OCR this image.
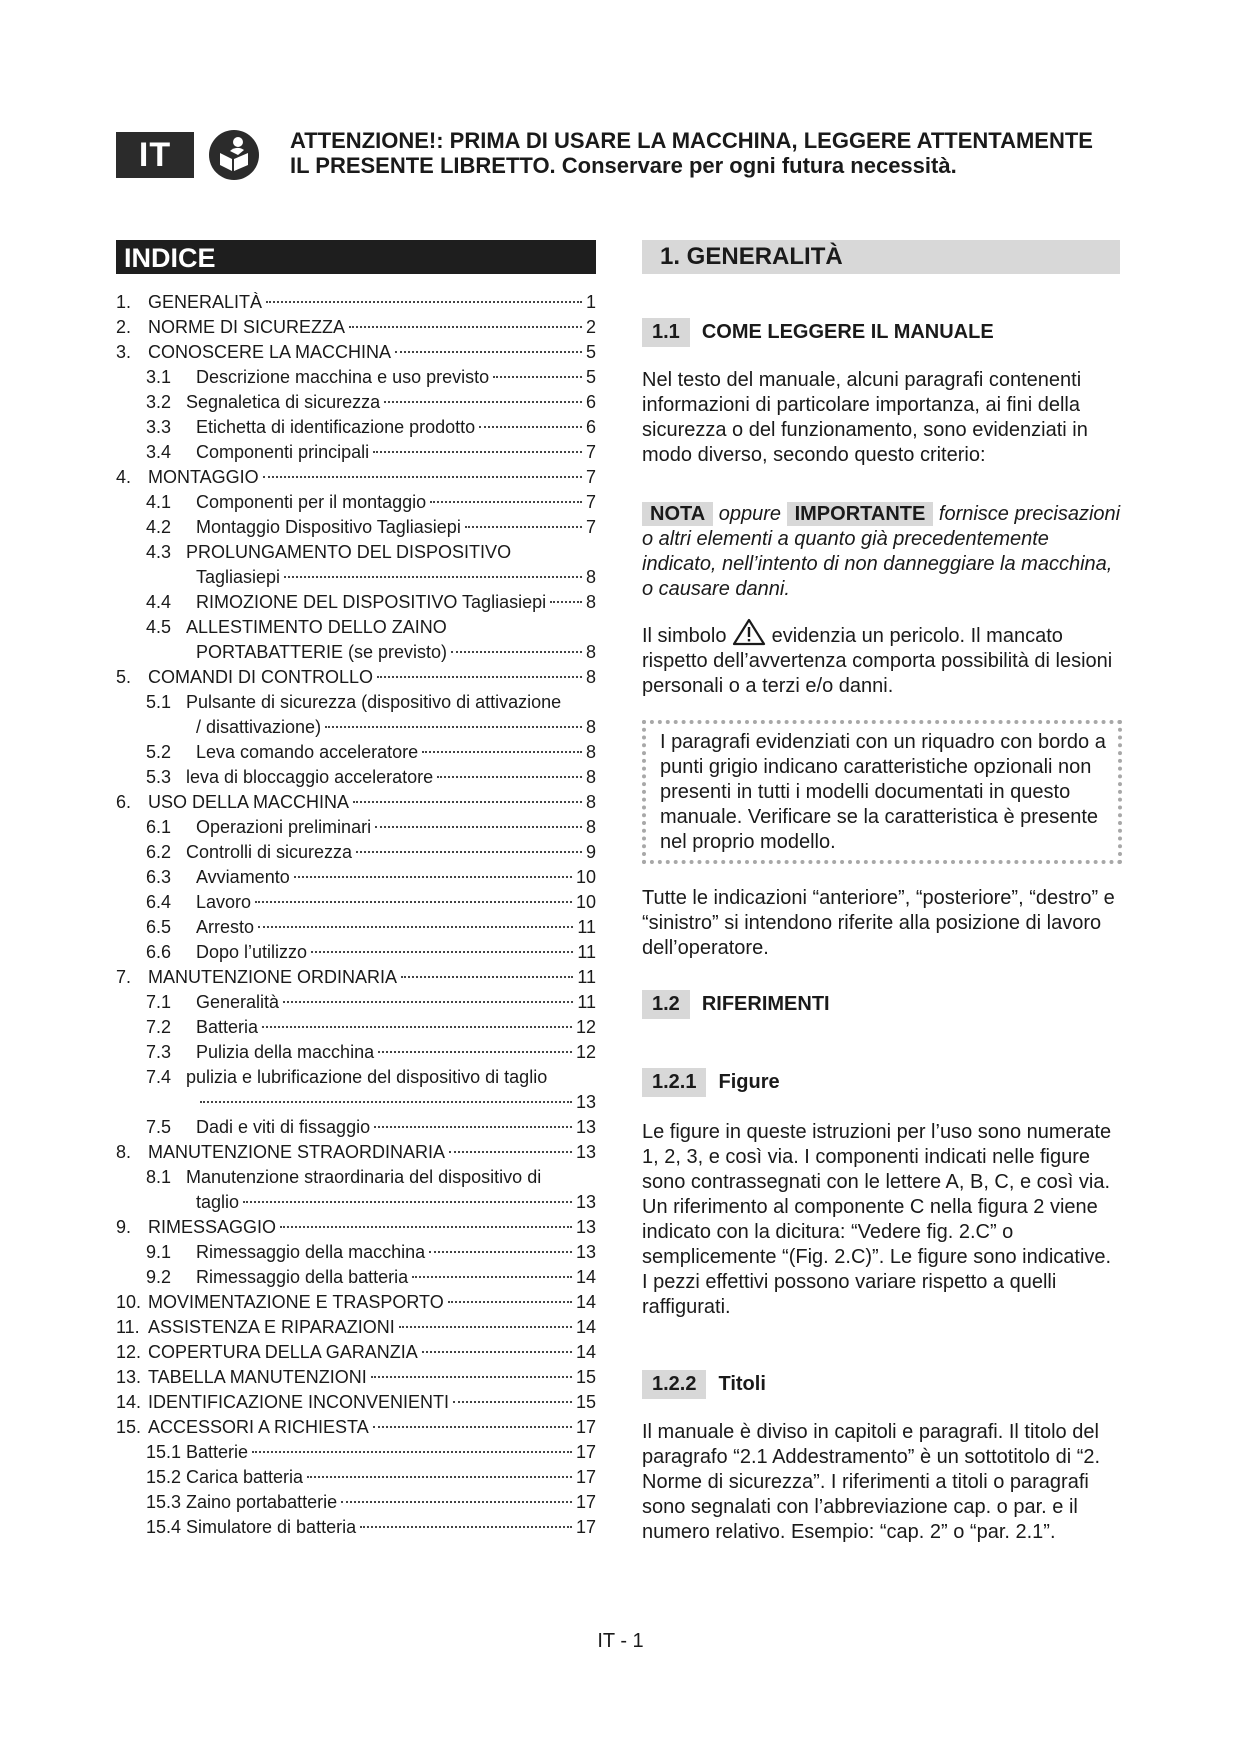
IT	ATTENZIONE!: PRIMA DI USARE LA MACCHINA, LEGGERE ATTENTAMENTE
IL PRESENTE LIBRETTO. Conservare per ogni futura necessità.
INDICE
1. GENERALITÀ	1
2. NORME DI SICUREZZA	2
3. CONOSCERE LA MACCHINA	5
3.1	Descrizione macchina e uso previsto	5
3.2 Segnaletica di sicurezza	6
3.3	Etichetta di identificazione prodotto	6
3.4	Componenti principali	7
4. MONTAGGIO	7
4.1	Componenti per il montaggio	7
4.2	Montaggio Dispositivo Tagliasiepi	7
4.3 PROLUNGAMENTO DEL DISPOSITIVO
Tagliasiepi	8
4.4	RIMOZIONE DEL DISPOSITIVO Tagliasiepi 8
4.5 ALLESTIMENTO DELLO ZAINO
PORTABATTERIE (se previsto)	8
5. COMANDI DI CONTROLLO	8
5.1 Pulsante di sicurezza (dispositivo di attivazione
/ disattivazione)	8
5.2	Leva comando acceleratore	8
5.3 leva di bloccaggio acceleratore	8
6. USO DELLA MACCHINA	8
6.1	Operazioni preliminari	8
6.2 Controlli di sicurezza	9
6.3	Avviamento	10
6.4	Lavoro	10
6.5	Arresto	11
6.6	Dopo l’utilizzo	11
7. MANUTENZIONE ORDINARIA	11
7.1	Generalità	11
7.2	Batteria	12
7.3	Pulizia della macchina	12
7.4 pulizia e lubrificazione del dispositivo di taglio
13
7.5	Dadi e viti di fissaggio	13
8. MANUTENZIONE STRAORDINARIA	13
8.1 Manutenzione straordinaria del dispositivo di
taglio	13
9. RIMESSAGGIO	13
9.1	Rimessaggio della macchina	13
9.2	Rimessaggio della batteria	14
10. MOVIMENTAZIONE E TRASPORTO	14
11. ASSISTENZA E RIPARAZIONI	14
12. COPERTURA DELLA GARANZIA	14
13. TABELLA MANUTENZIONI	15
14. IDENTIFICAZIONE INCONVENIENTI	15
15. ACCESSORI A RICHIESTA	17
15.1 Batterie	17
15.2 Carica batteria	17
15.3 Zaino portabatterie	17
15.4 Simulatore di batteria	17
1. GENERALITÀ
1.1	COME LEGGERE IL MANUALE
Nel testo del manuale, alcuni paragrafi contenenti informazioni di particolare importanza, ai fini della sicurezza o del funzionamento, sono evidenziati in modo diverso, secondo questo criterio:
NOTA oppure IMPORTANTE fornisce precisazioni o altri elementi a quanto già precedentemente indicato, nell’intento di non danneggiare la macchina, o causare danni.
Il simbolo evidenzia un pericolo. Il mancato rispetto dell’avvertenza comporta possibilità di lesioni personali o a terzi e/o danni.
I paragrafi evidenziati con un riquadro con bordo a punti grigio indicano caratteristiche opzionali non presenti in tutti i modelli documentati in questo manuale. Verificare se la caratteristica è presente nel proprio modello.
Tutte le indicazioni “anteriore”, “posteriore”, “destro” e “sinistro” si intendono riferite alla posizione di lavoro dell’operatore.
1.2	RIFERIMENTI
1.2.1	Figure
Le figure in queste istruzioni per l’uso sono numerate 1, 2, 3, e così via. I componenti indicati nelle figure sono contrassegnati con le lettere A, B, C, e così via. Un riferimento al componente C nella figura 2 viene indicato con la dicitura: “Vedere fig. 2.C” o semplicemente “(Fig. 2.C)”. Le figure sono indicative. I pezzi effettivi possono variare rispetto a quelli raffigurati.
1.2.2	Titoli
Il manuale è diviso in capitoli e paragrafi. Il titolo del paragrafo “2.1 Addestramento” è un sottotitolo di “2. Norme di sicurezza”. I riferimenti a titoli o paragrafi sono segnalati con l’abbreviazione cap. o par. e il numero relativo. Esempio: “cap. 2” o “par. 2.1”.
IT - 1
